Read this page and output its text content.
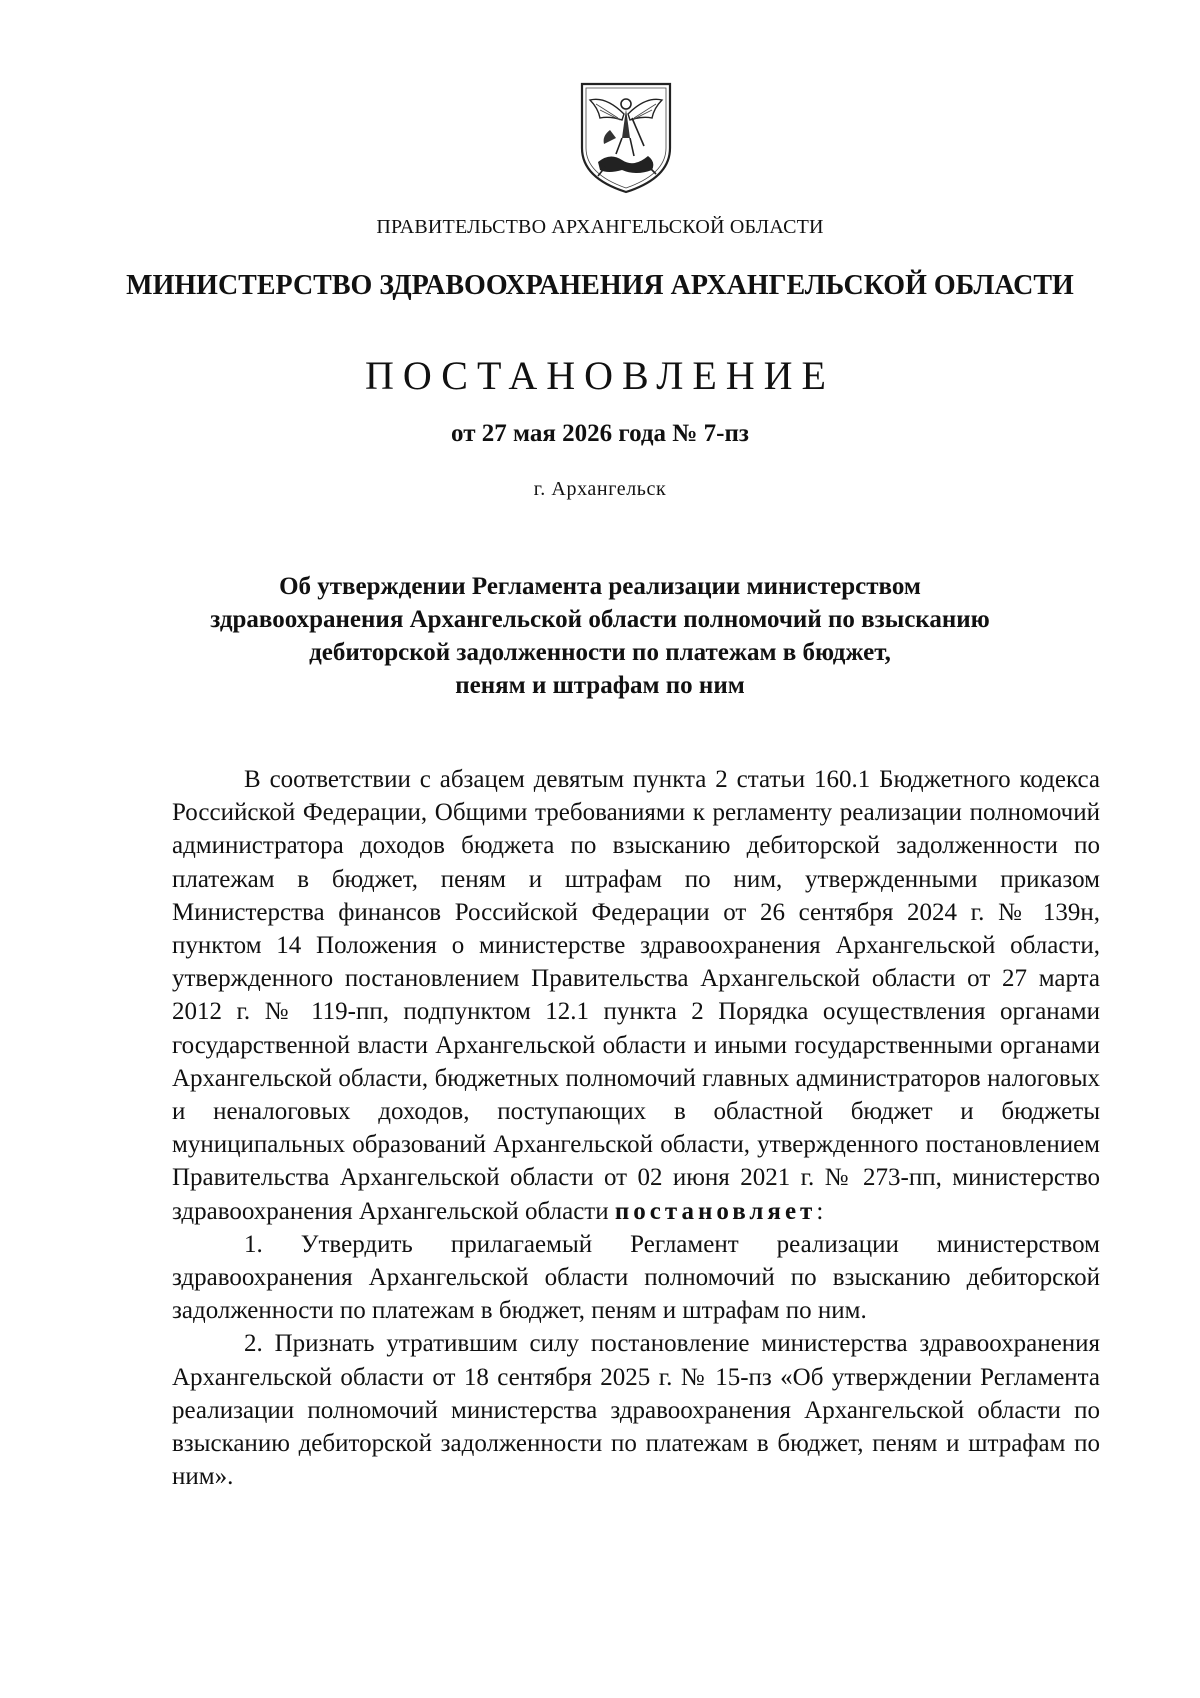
ПРАВИТЕЛЬСТВО АРХАНГЕЛЬСКОЙ ОБЛАСТИ
МИНИСТЕРСТВО ЗДРАВООХРАНЕНИЯ АРХАНГЕЛЬСКОЙ ОБЛАСТИ
ПОСТАНОВЛЕНИЕ
от 27 мая 2026 года № 7-пз
г. Архангельск
Об утверждении Регламента реализации министерством
здравоохранения Архангельской области полномочий по взысканию
дебиторской задолженности по платежам в бюджет,
пеням и штрафам по ним

В соответствии с абзацем девятым пункта 2 статьи 160.1 Бюджетного кодекса Российской Федерации, Общими требованиями к регламенту реализации полномочий администратора доходов бюджета по взысканию дебиторской задолженности по платежам в бюджет, пеням и штрафам по ним, утвержденными приказом Министерства финансов Российской Федерации от 26 сентября 2024 г. № 139н, пунктом 14 Положения о министерстве здравоохранения Архангельской области, утвержденного постановлением Правительства Архангельской области от 27 марта 2012 г. № 119-пп, подпунктом 12.1 пункта 2 Порядка осуществления органами государственной власти Архангельской области и иными государственными органами Архангельской области, бюджетных полномочий главных администраторов налоговых и неналоговых доходов, поступающих в областной бюджет и бюджеты муниципальных образований Архангельской области, утвержденного постановлением Правительства Архангельской области от 02 июня 2021 г. № 273-пп, министерство здравоохранения Архангельской области постановляет:

1. Утвердить прилагаемый Регламент реализации министерством здравоохранения Архангельской области полномочий по взысканию дебиторской задолженности по платежам в бюджет, пеням и штрафам по ним.

2. Признать утратившим силу постановление министерства здравоохранения Архангельской области от 18 сентября 2025 г. № 15-пз «Об утверждении Регламента реализации полномочий министерства здравоохранения Архангельской области по взысканию дебиторской задолженности по платежам в бюджет, пеням и штрафам по ним».
